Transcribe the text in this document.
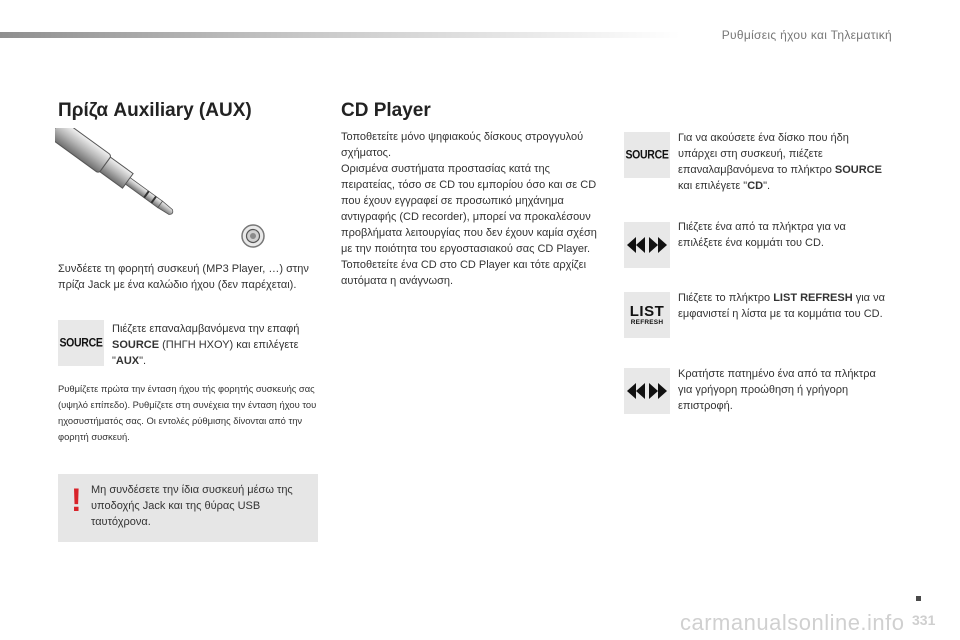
Ρυθμίσεις ήχου και Τηλεματική
Πρίζα Auxiliary (AUX)

Συνδέετε τη φορητή συσκευή (MP3 Player, …) στην πρίζα Jack με ένα καλώδιο ήχου (δεν παρέχεται).

SOURCE

Πιέζετε επαναλαμβανόμενα την επαφή SOURCE (ΠΗΓΗ ΗΧΟΥ) και επιλέγετε "AUX".

Ρυθμίζετε πρώτα την ένταση ήχου τής φορητής συσκευής σας (υψηλό επίπεδο). Ρυθμίζετε στη συνέχεια την ένταση ήχου του ηχοσυστήματός σας. Οι εντολές ρύθμισης δίνονται από την φορητή συσκευή.

! Μη συνδέσετε την ίδια συσκευή μέσω της υποδοχής Jack και της θύρας USB ταυτόχρονα.

CD Player

Τοποθετείτε μόνο ψηφιακούς δίσκους στρογγυλού σχήματος.

Ορισμένα συστήματα προστασίας κατά της πειρατείας, τόσο σε CD του εμπορίου όσο και σε CD που έχουν εγγραφεί σε προσωπικό μηχάνημα αντιγραφής (CD recorder), μπορεί να προκαλέσουν προβλήματα λειτουργίας που δεν έχουν καμία σχέση με την ποιότητα του εργοστασιακού σας CD Player.

Τοποθετείτε ένα CD στο CD Player και τότε αρχίζει αυτόματα η ανάγνωση.

SOURCE

Για να ακούσετε ένα δίσκο που ήδη υπάρχει στη συσκευή, πιέζετε επαναλαμβανόμενα το πλήκτρο SOURCE και επιλέγετε "CD".

Πιέζετε ένα από τα πλήκτρα για να επιλέξετε ένα κομμάτι του CD.

LIST
REFRESH

Πιέζετε το πλήκτρο LIST REFRESH για να εμφανιστεί η λίστα με τα κομμάτια του CD.

Κρατήστε πατημένο ένα από τα πλήκτρα για γρήγορη προώθηση ή γρήγορη επιστροφή.

carmanualsonline.info 331
